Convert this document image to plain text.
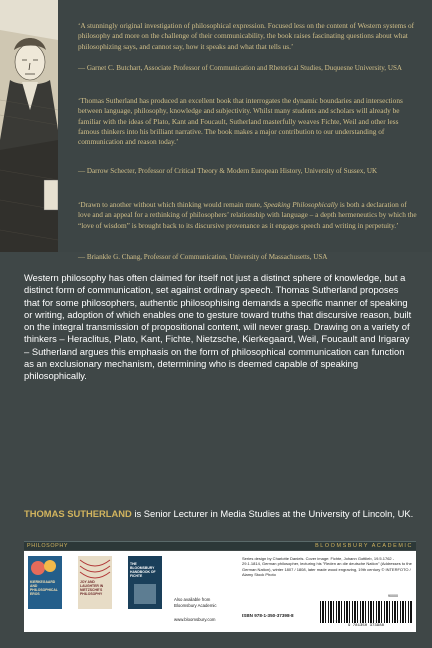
‘A stunningly original investigation of philosophical expression. Focused less on the content of Western systems of philosophy and more on the challenge of their communicability, the book raises fascinating questions about what philosophizing says, and cannot say, how it speaks and what that tells us.’

— Garnet C. Butchart, Associate Professor of Communication and Rhetorical Studies, Duquesne University, USA

‘Thomas Sutherland has produced an excellent book that interrogates the dynamic boundaries and intersections between language, philosophy, knowledge and subjectivity. Whilst many students and scholars will already be familiar with the ideas of Plato, Kant and Foucault, Sutherland masterfully weaves Fichte, Weil and other less famous thinkers into his brilliant narrative. The book makes a major contribution to our understanding of communication and reason today.’

— Darrow Schecter, Professor of Critical Theory & Modern European History, University of Sussex, UK

‘Drawn to another without which thinking would remain mute, Speaking Philosophically is both a declaration of love and an appeal for a rethinking of philosophers’ relationship with language – a depth hermeneutics by which the “love of wisdom” is brought back to its discursive provenance as it engages speech and writing in perpetuity.’

— Briankle G. Chang, Professor of Communication, University of Massachusetts, USA

Western philosophy has often claimed for itself not just a distinct sphere of knowledge, but a distinct form of communication, set against ordinary speech. Thomas Sutherland proposes that for some philosophers, authentic philosophising demands a specific manner of speaking or writing, adoption of which enables one to gesture toward truths that discursive reason, built on the integral transmission of propositional content, will never grasp. Drawing on a variety of thinkers – Heraclitus, Plato, Kant, Fichte, Nietzsche, Kierkegaard, Weil, Foucault and Irigaray – Sutherland argues this emphasis on the form of philosophical communication can function as an exclusionary mechanism, determining who is deemed capable of speaking philosophically.

THOMAS SUTHERLAND is Senior Lecturer in Media Studies at the University of Lincoln, UK.

PHILOSOPHY	BLOOMSBURY ACADEMIC
KIERKEGAARD AND PHILOSOPHICAL EROS
JOY AND LAUGHTER IN NIETZSCHE'S PHILOSOPHY
THE BLOOMSBURY HANDBOOK OF FICHTE
Also available from Bloomsbury Academic
www.bloomsbury.com
Series design by Charlotte Daniels. Cover image: Fichte, Johann Gottlieb, 19.5.1762 - 29.1.1814, German philosopher, lecturing his "Reden an die deutsche Nation" (Addresses to the German Nation), winter 1807 / 1808, later made wood engraving, 19th century © INTERFOTO / Alamy Stock Photo
ISBN 978-1-350-37398-8
90000
9 781350 373988
